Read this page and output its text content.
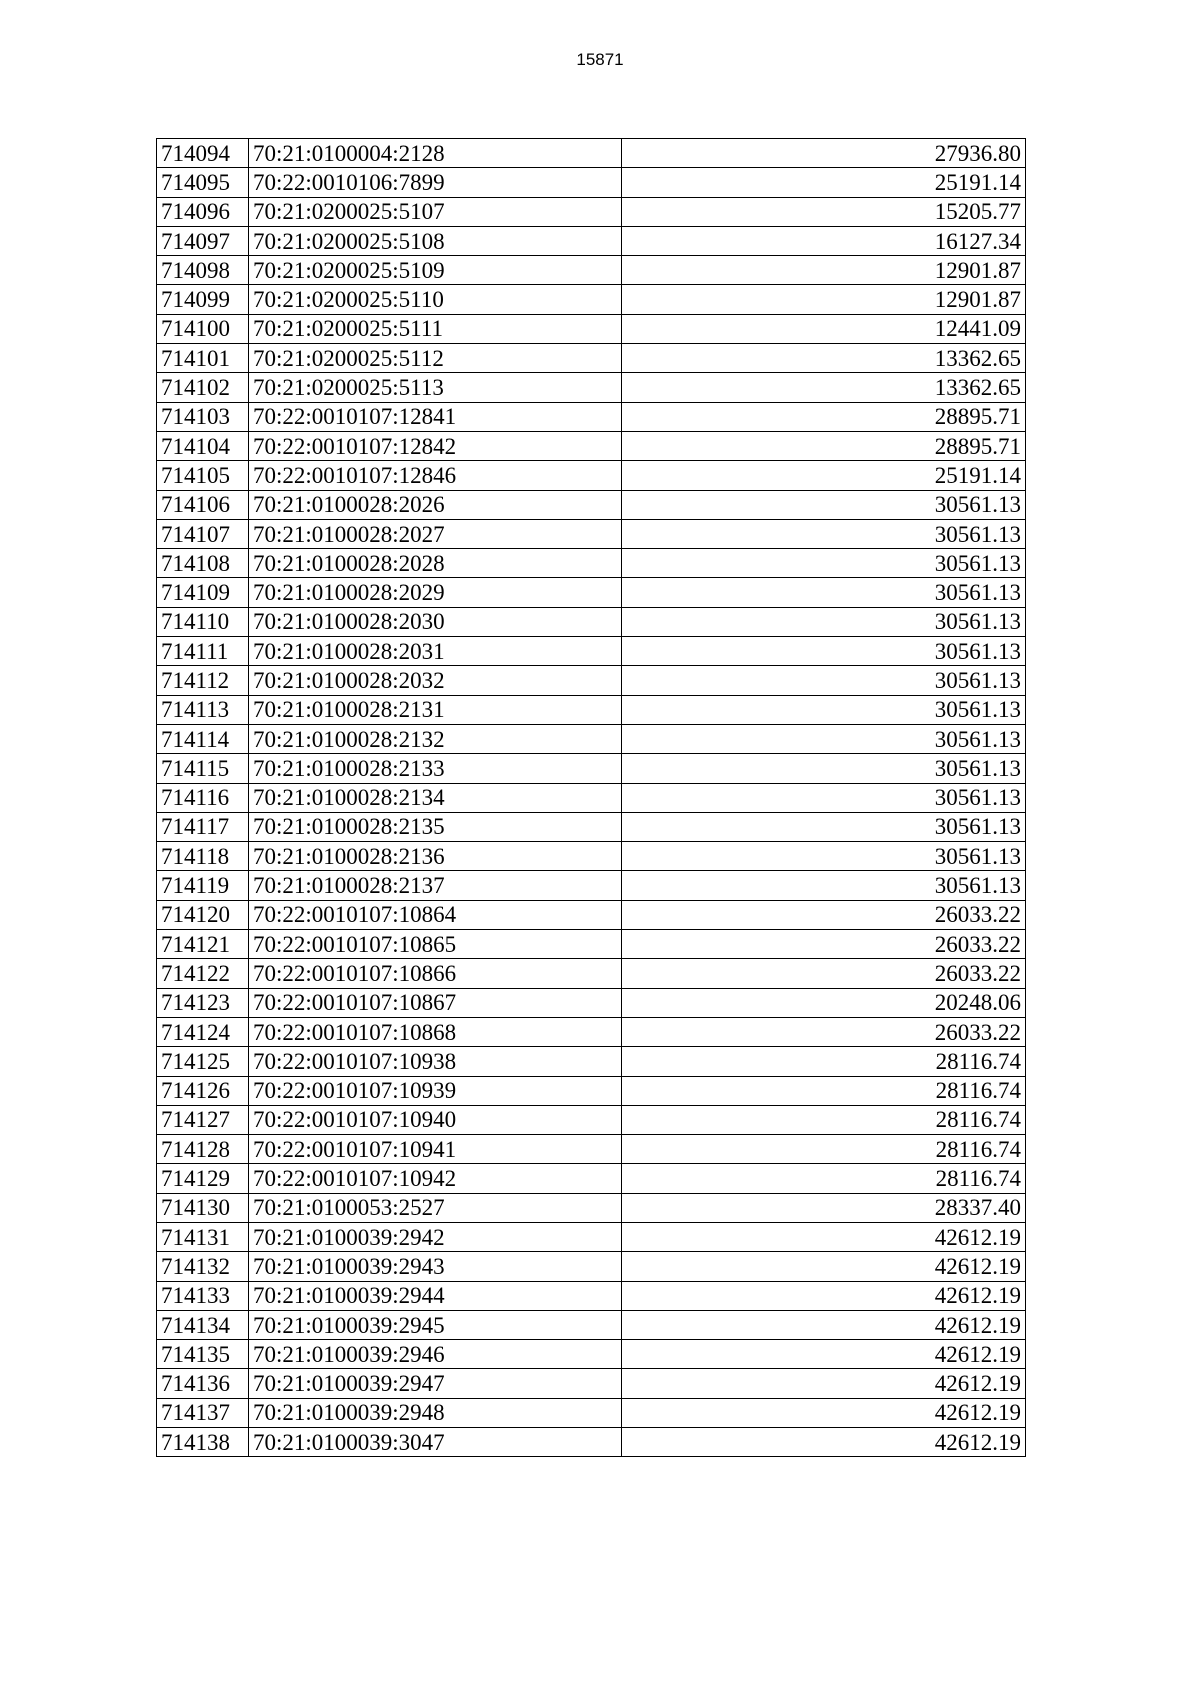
15871
714094	70:21:0100004:2128	27936.80
714095	70:22:0010106:7899	25191.14
714096	70:21:0200025:5107	15205.77
714097	70:21:0200025:5108	16127.34
714098	70:21:0200025:5109	12901.87
714099	70:21:0200025:5110	12901.87
714100	70:21:0200025:5111	12441.09
714101	70:21:0200025:5112	13362.65
714102	70:21:0200025:5113	13362.65
714103	70:22:0010107:12841	28895.71
714104	70:22:0010107:12842	28895.71
714105	70:22:0010107:12846	25191.14
714106	70:21:0100028:2026	30561.13
714107	70:21:0100028:2027	30561.13
714108	70:21:0100028:2028	30561.13
714109	70:21:0100028:2029	30561.13
714110	70:21:0100028:2030	30561.13
714111	70:21:0100028:2031	30561.13
714112	70:21:0100028:2032	30561.13
714113	70:21:0100028:2131	30561.13
714114	70:21:0100028:2132	30561.13
714115	70:21:0100028:2133	30561.13
714116	70:21:0100028:2134	30561.13
714117	70:21:0100028:2135	30561.13
714118	70:21:0100028:2136	30561.13
714119	70:21:0100028:2137	30561.13
714120	70:22:0010107:10864	26033.22
714121	70:22:0010107:10865	26033.22
714122	70:22:0010107:10866	26033.22
714123	70:22:0010107:10867	20248.06
714124	70:22:0010107:10868	26033.22
714125	70:22:0010107:10938	28116.74
714126	70:22:0010107:10939	28116.74
714127	70:22:0010107:10940	28116.74
714128	70:22:0010107:10941	28116.74
714129	70:22:0010107:10942	28116.74
714130	70:21:0100053:2527	28337.40
714131	70:21:0100039:2942	42612.19
714132	70:21:0100039:2943	42612.19
714133	70:21:0100039:2944	42612.19
714134	70:21:0100039:2945	42612.19
714135	70:21:0100039:2946	42612.19
714136	70:21:0100039:2947	42612.19
714137	70:21:0100039:2948	42612.19
714138	70:21:0100039:3047	42612.19
